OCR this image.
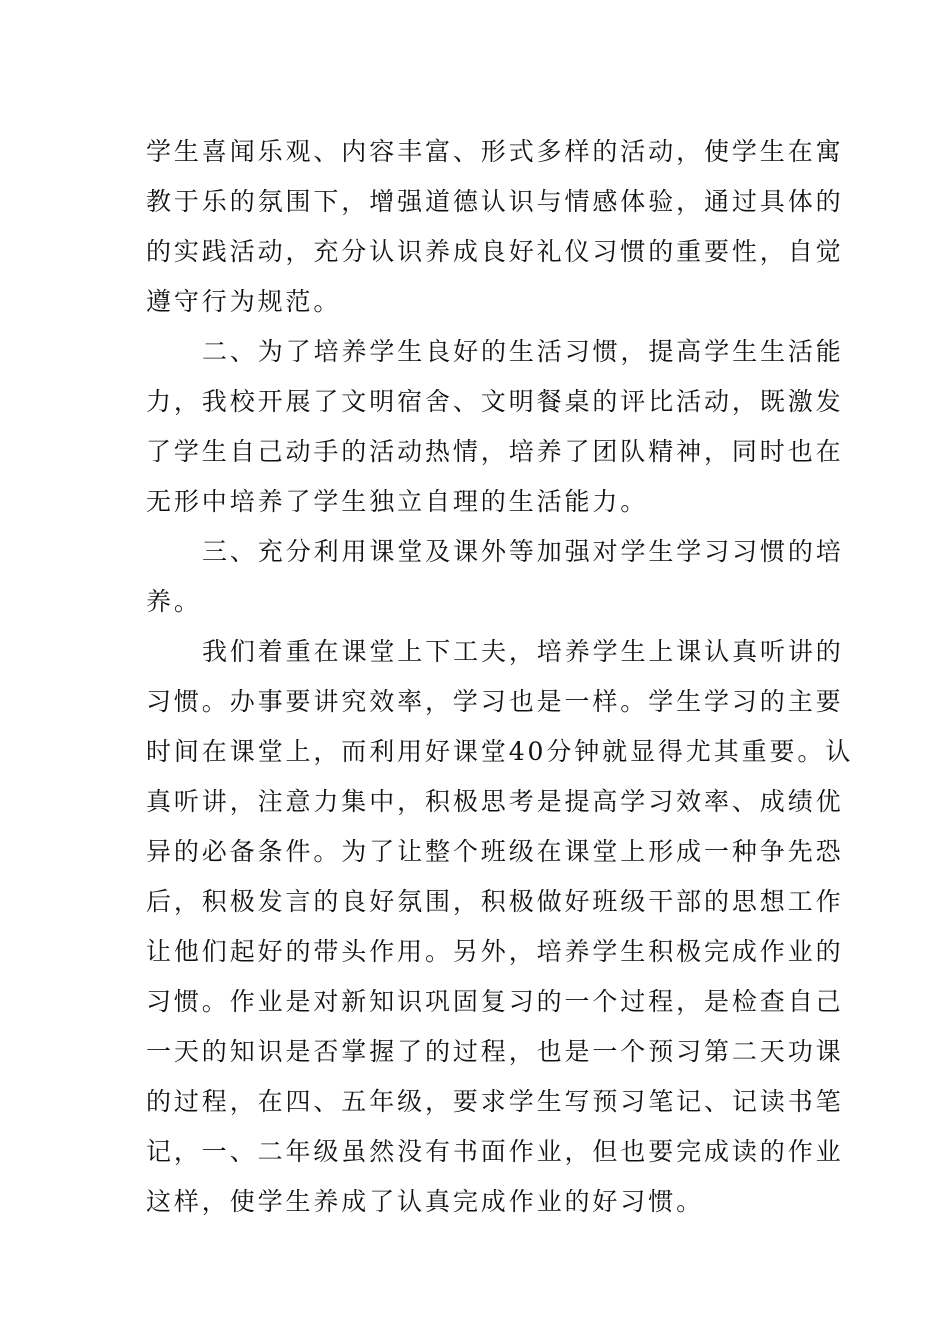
学生喜闻乐观、内容丰富、形式多样的活动，使学生在寓

教于乐的氛围下，增强道德认识与情感体验，通过具体的

的实践活动，充分认识养成良好礼仪习惯的重要性，自觉

遵守行为规范。

二、为了培养学生良好的生活习惯，提高学生生活能

力，我校开展了文明宿舍、文明餐桌的评比活动，既激发

了学生自己动手的活动热情，培养了团队精神，同时也在

无形中培养了学生独立自理的生活能力。

三、充分利用课堂及课外等加强对学生学习习惯的培

养。

我们着重在课堂上下工夫，培养学生上课认真听讲的

习惯。办事要讲究效率，学习也是一样。学生学习的主要

时间在课堂上，而利用好课堂40分钟就显得尤其重要。认

真听讲，注意力集中，积极思考是提高学习效率、成绩优

异的必备条件。为了让整个班级在课堂上形成一种争先恐

后，积极发言的良好氛围，积极做好班级干部的思想工作

让他们起好的带头作用。另外，培养学生积极完成作业的

习惯。作业是对新知识巩固复习的一个过程，是检查自己

一天的知识是否掌握了的过程，也是一个预习第二天功课

的过程，在四、五年级，要求学生写预习笔记、记读书笔

记，一、二年级虽然没有书面作业，但也要完成读的作业

这样，使学生养成了认真完成作业的好习惯。
